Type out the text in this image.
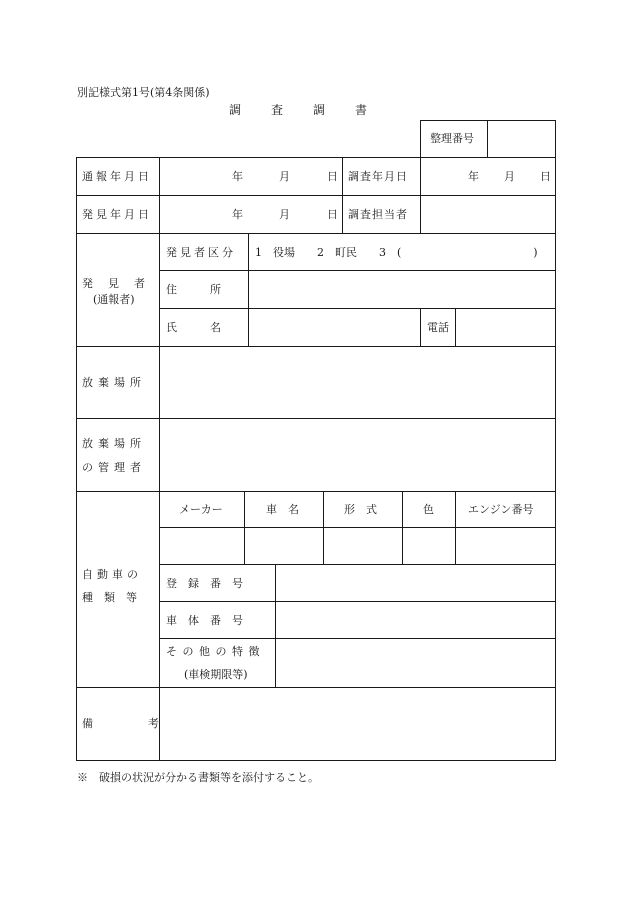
別記様式第1号(第4条関係)
調　　査　　調　　書
整理番号
通報年月日	年	月	日 調査年月日	年 月 日
発見年月日	年	月	日 調査担当者
発　見　者
(通報者)
発見者区分 1　役場　　2　町民　　3　(　　　　　　　　　　　　)
住　　　所
氏　　　名	電話
放棄場所
放棄場所
の管理者
自動車の
種　類　等
メーカー	車　名	形　式	色	エンジン番号
登　録　番　号
車　体　番　号
そ の 他 の 特 徴
(車検期限等)
備　　　　　考
※　破損の状況が分かる書類等を添付すること。
